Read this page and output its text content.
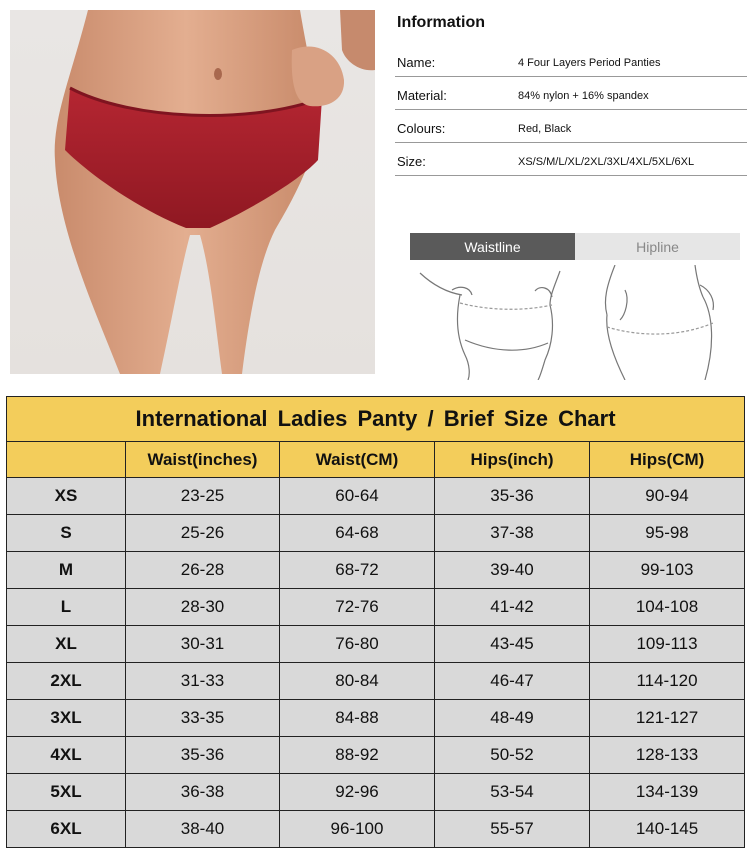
Information
Name:	4 Four Layers Period Panties
Material:	84% nylon + 16% spandex
Colours:	Red, Black
Size:	XS/S/M/L/XL/2XL/3XL/4XL/5XL/6XL
Waistline	Hipline
International Ladies Panty / Brief Size Chart				
	Waist(inches)	Waist(CM)	Hips(inch)	Hips(CM)
XS	23-25	60-64	35-36	90-94
S	25-26	64-68	37-38	95-98
M	26-28	68-72	39-40	99-103
L	28-30	72-76	41-42	104-108
XL	30-31	76-80	43-45	109-113
2XL	31-33	80-84	46-47	114-120
3XL	33-35	84-88	48-49	121-127
4XL	35-36	88-92	50-52	128-133
5XL	36-38	92-96	53-54	134-139
6XL	38-40	96-100	55-57	140-145
